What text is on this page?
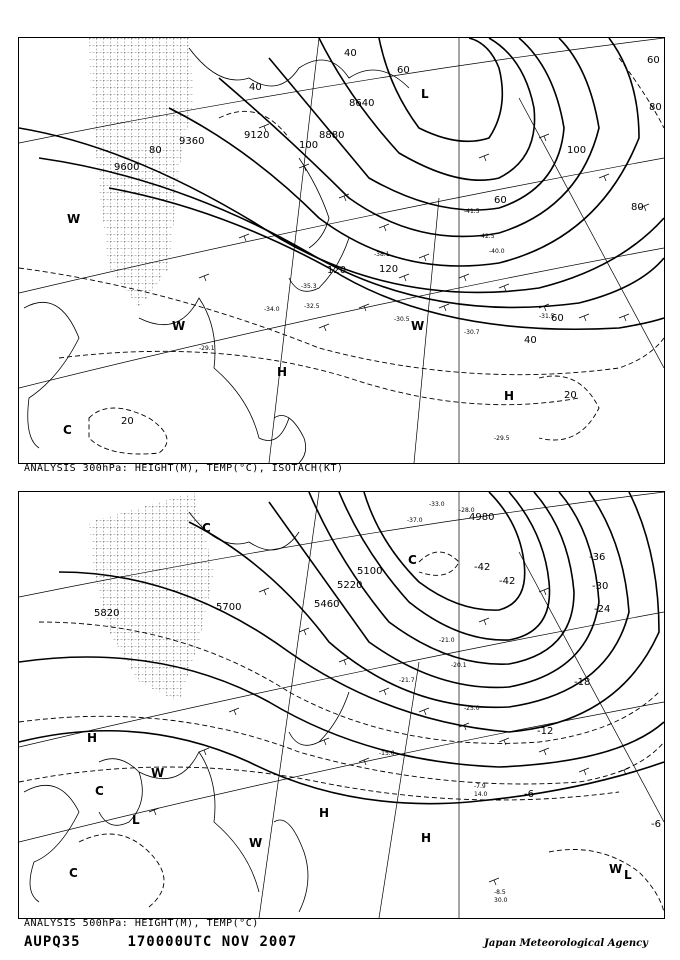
9600
9360
9120	8880
8640
40
60
80	100
120
80
60
40
20
20
60
40
80
120
100
60
H
H
W
W
C
L
W
-29.5
-30.5
-30.7
-31.5
-41.5
-42.5
-40.0
-38.1
-35.3
-34.0	-32.5
-29.1
ANALYSIS 300hPa: HEIGHT(M), TEMP(°C), ISOTACH(KT)
5820
5700	5460
5220
5100
4980
-30
-24
-18
-12
-6
-6
-36
-42
-42
H
H
H
W L
C
C
C
L
W
W
C
-8.5
30.0
-7.9
14.0
-15.0
-21.0
-20.1
-25.0
-21.7
-28.0
-37.0
-33.0
ANALYSIS 500hPa: HEIGHT(M), TEMP(°C)
AUPQ35	170000UTC NOV 2007	Japan Meteorological Agency
